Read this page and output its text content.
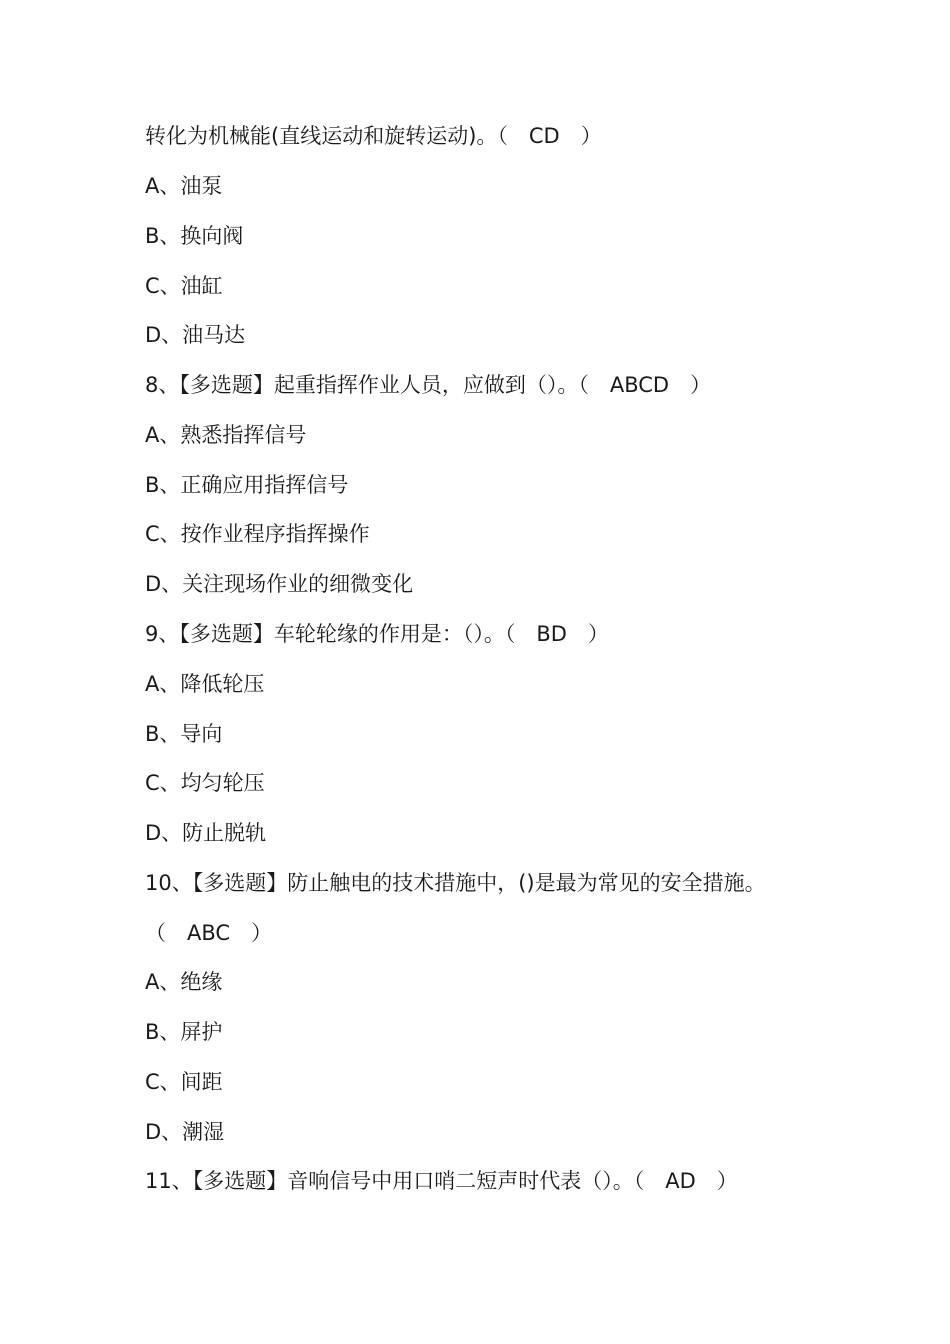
转化为机械能(直线运动和旋转运动)。（　CD　）
A、油泵
B、换向阀
C、油缸
D、油马达
8、【多选题】起重指挥作业人员，应做到（）。（　ABCD　）
A、熟悉指挥信号
B、正确应用指挥信号
C、按作业程序指挥操作
D、关注现场作业的细微变化
9、【多选题】车轮轮缘的作用是：（）。（　BD　）
A、降低轮压
B、导向
C、均匀轮压
D、防止脱轨
10、【多选题】防止触电的技术措施中，()是最为常见的安全措施。
（　ABC　）
A、绝缘
B、屏护
C、间距
D、潮湿
11、【多选题】音响信号中用口哨二短声时代表（）。（　AD　）
